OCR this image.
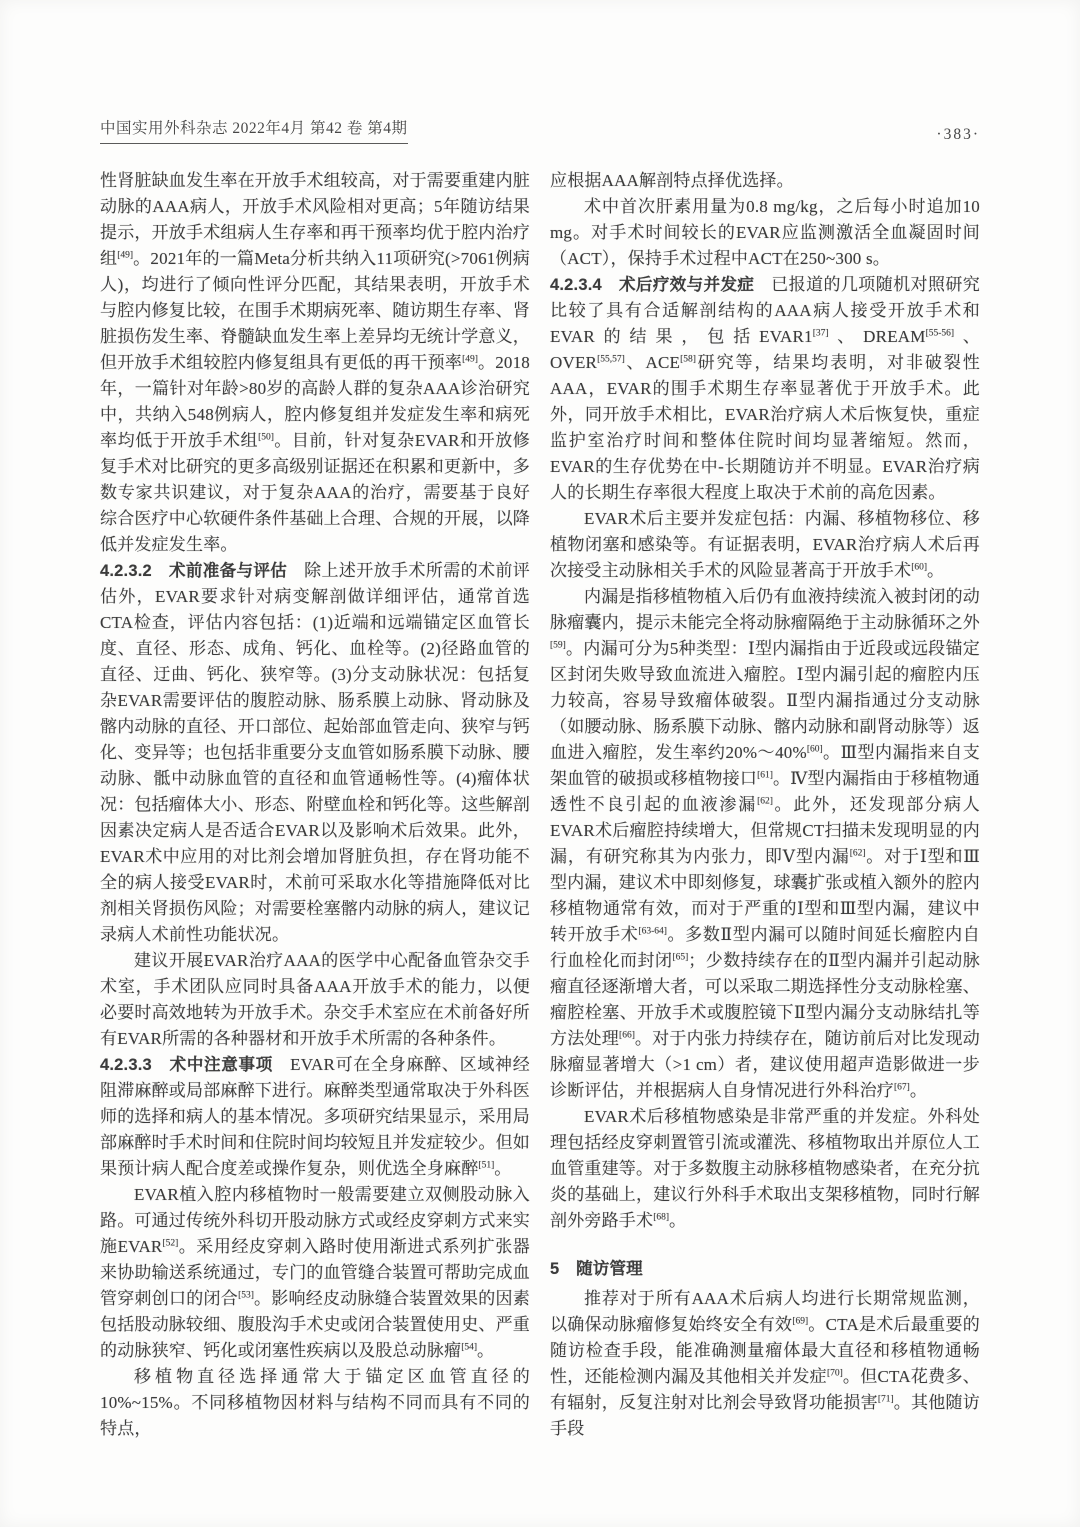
中国实用外科杂志 2022年4月 第42 卷 第4期	·383·

性肾脏缺血发生率在开放手术组较高，对于需要重建内脏动脉的AAA病人，开放手术风险相对更高；5年随访结果提示，开放手术组病人生存率和再干预率均优于腔内治疗组[49]。2021年的一篇Meta分析共纳入11项研究(>7061例病人)，均进行了倾向性评分匹配，其结果表明，开放手术与腔内修复比较，在围手术期病死率、随访期生存率、肾脏损伤发生率、脊髓缺血发生率上差异均无统计学意义，但开放手术组较腔内修复组具有更低的再干预率[49]。2018年，一篇针对年龄>80岁的高龄人群的复杂AAA诊治研究中，共纳入548例病人，腔内修复组并发症发生率和病死率均低于开放手术组[50]。目前，针对复杂EVAR和开放修复手术对比研究的更多高级别证据还在积累和更新中，多数专家共识建议，对于复杂AAA的治疗，需要基于良好综合医疗中心软硬件条件基础上合理、合规的开展，以降低并发症发生率。

4.2.3.2　术前准备与评估　除上述开放手术所需的术前评估外，EVAR要求针对病变解剖做详细评估，通常首选CTA检查，评估内容包括：(1)近端和远端锚定区血管长度、直径、形态、成角、钙化、血栓等。(2)径路血管的直径、迂曲、钙化、狭窄等。(3)分支动脉状况：包括复杂EVAR需要评估的腹腔动脉、肠系膜上动脉、肾动脉及髂内动脉的直径、开口部位、起始部血管走向、狭窄与钙化、变异等；也包括非重要分支血管如肠系膜下动脉、腰动脉、骶中动脉血管的直径和血管通畅性等。(4)瘤体状况：包括瘤体大小、形态、附壁血栓和钙化等。这些解剖因素决定病人是否适合EVAR以及影响术后效果。此外，EVAR术中应用的对比剂会增加肾脏负担，存在肾功能不全的病人接受EVAR时，术前可采取水化等措施降低对比剂相关肾损伤风险；对需要栓塞髂内动脉的病人，建议记录病人术前性功能状况。

建议开展EVAR治疗AAA的医学中心配备血管杂交手术室，手术团队应同时具备AAA开放手术的能力，以便必要时高效地转为开放手术。杂交手术室应在术前备好所有EVAR所需的各种器材和开放手术所需的各种条件。

4.2.3.3　术中注意事项　EVAR可在全身麻醉、区域神经阻滞麻醉或局部麻醉下进行。麻醉类型通常取决于外科医师的选择和病人的基本情况。多项研究结果显示，采用局部麻醉时手术时间和住院时间均较短且并发症较少。但如果预计病人配合度差或操作复杂，则优选全身麻醉[51]。

EVAR植入腔内移植物时一般需要建立双侧股动脉入路。可通过传统外科切开股动脉方式或经皮穿刺方式来实施EVAR[52]。采用经皮穿刺入路时使用渐进式系列扩张器来协助输送系统通过，专门的血管缝合装置可帮助完成血管穿刺创口的闭合[53]。影响经皮动脉缝合装置效果的因素包括股动脉较细、腹股沟手术史或闭合装置使用史、严重的动脉狭窄、钙化或闭塞性疾病以及股总动脉瘤[54]。

移植物直径选择通常大于锚定区血管直径的10%~15%。不同移植物因材料与结构不同而具有不同的特点，

应根据AAA解剖特点择优选择。

术中首次肝素用量为0.8 mg/kg，之后每小时追加10 mg。对手术时间较长的EVAR应监测激活全血凝固时间（ACT），保持手术过程中ACT在250~300 s。

4.2.3.4　术后疗效与并发症　已报道的几项随机对照研究比较了具有合适解剖结构的AAA病人接受开放手术和EVAR的结果，包括EVAR1[37]、DREAM[55-56]、OVER[55,57]、ACE[58]研究等，结果均表明，对非破裂性AAA，EVAR的围手术期生存率显著优于开放手术。此外，同开放手术相比，EVAR治疗病人术后恢复快，重症监护室治疗时间和整体住院时间均显著缩短。然而，EVAR的生存优势在中-长期随访并不明显。EVAR治疗病人的长期生存率很大程度上取决于术前的高危因素。

EVAR术后主要并发症包括：内漏、移植物移位、移植物闭塞和感染等。有证据表明，EVAR治疗病人术后再次接受主动脉相关手术的风险显著高于开放手术[60]。

内漏是指移植物植入后仍有血液持续流入被封闭的动脉瘤囊内，提示未能完全将动脉瘤隔绝于主动脉循环之外[59]。内漏可分为5种类型：Ⅰ型内漏指由于近段或远段锚定区封闭失败导致血流进入瘤腔。Ⅰ型内漏引起的瘤腔内压力较高，容易导致瘤体破裂。Ⅱ型内漏指通过分支动脉（如腰动脉、肠系膜下动脉、髂内动脉和副肾动脉等）返血进入瘤腔，发生率约20%～40%[60]。Ⅲ型内漏指来自支架血管的破损或移植物接口[61]。Ⅳ型内漏指由于移植物通透性不良引起的血液渗漏[62]。此外，还发现部分病人EVAR术后瘤腔持续增大，但常规CT扫描未发现明显的内漏，有研究称其为内张力，即Ⅴ型内漏[62]。对于Ⅰ型和Ⅲ型内漏，建议术中即刻修复，球囊扩张或植入额外的腔内移植物通常有效，而对于严重的Ⅰ型和Ⅲ型内漏，建议中转开放手术[63-64]。多数Ⅱ型内漏可以随时间延长瘤腔内自行血栓化而封闭[65]；少数持续存在的Ⅱ型内漏并引起动脉瘤直径逐渐增大者，可以采取二期选择性分支动脉栓塞、瘤腔栓塞、开放手术或腹腔镜下Ⅱ型内漏分支动脉结扎等方法处理[66]。对于内张力持续存在，随访前后对比发现动脉瘤显著增大（>1 cm）者，建议使用超声造影做进一步诊断评估，并根据病人自身情况进行外科治疗[67]。

EVAR术后移植物感染是非常严重的并发症。外科处理包括经皮穿刺置管引流或灌洗、移植物取出并原位人工血管重建等。对于多数腹主动脉移植物感染者，在充分抗炎的基础上，建议行外科手术取出支架移植物，同时行解剖外旁路手术[68]。

5　随访管理

推荐对于所有AAA术后病人均进行长期常规监测，以确保动脉瘤修复始终安全有效[69]。CTA是术后最重要的随访检查手段，能准确测量瘤体最大直径和移植物通畅性，还能检测内漏及其他相关并发症[70]。但CTA花费多、有辐射，反复注射对比剂会导致肾功能损害[71]。其他随访手段
